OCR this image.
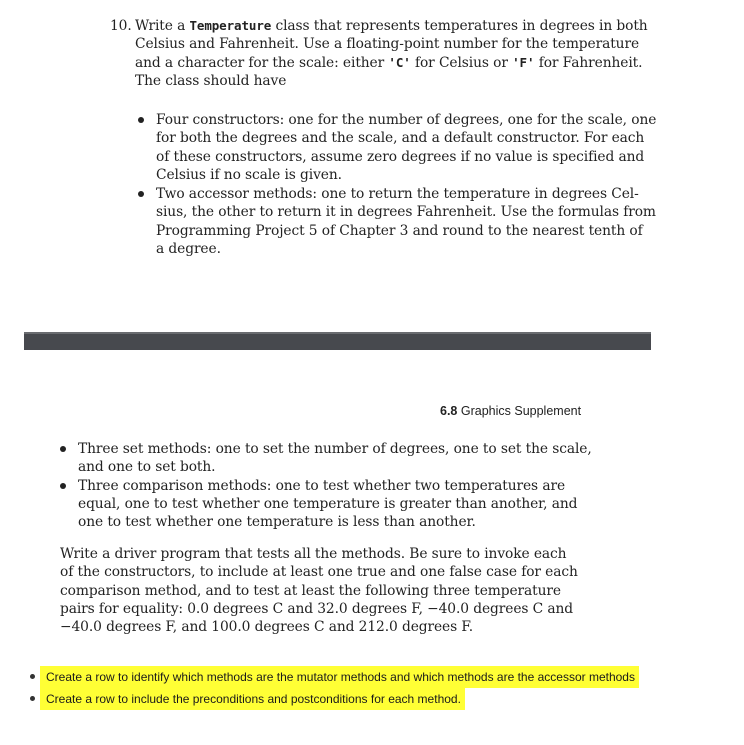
10. Write a Temperature class that represents temperatures in degrees in both
Celsius and Fahrenheit. Use a floating-point number for the temperature
and a character for the scale: either 'C' for Celsius or 'F' for Fahrenheit.
The class should have
Four constructors: one for the number of degrees, one for the scale, one
for both the degrees and the scale, and a default constructor. For each
of these constructors, assume zero degrees if no value is specified and
Celsius if no scale is given.
Two accessor methods: one to return the temperature in degrees Cel-
sius, the other to return it in degrees Fahrenheit. Use the formulas from
Programming Project 5 of Chapter 3 and round to the nearest tenth of
a degree.
6.8 Graphics Supplement
Three set methods: one to set the number of degrees, one to set the scale,
and one to set both.
Three comparison methods: one to test whether two temperatures are
equal, one to test whether one temperature is greater than another, and
one to test whether one temperature is less than another.
Write a driver program that tests all the methods. Be sure to invoke each
of the constructors, to include at least one true and one false case for each
comparison method, and to test at least the following three temperature
pairs for equality: 0.0 degrees C and 32.0 degrees F, −40.0 degrees C and
−40.0 degrees F, and 100.0 degrees C and 212.0 degrees F.
Create a row to identify which methods are the mutator methods and which methods are the accessor methods
Create a row to include the preconditions and postconditions for each method.
